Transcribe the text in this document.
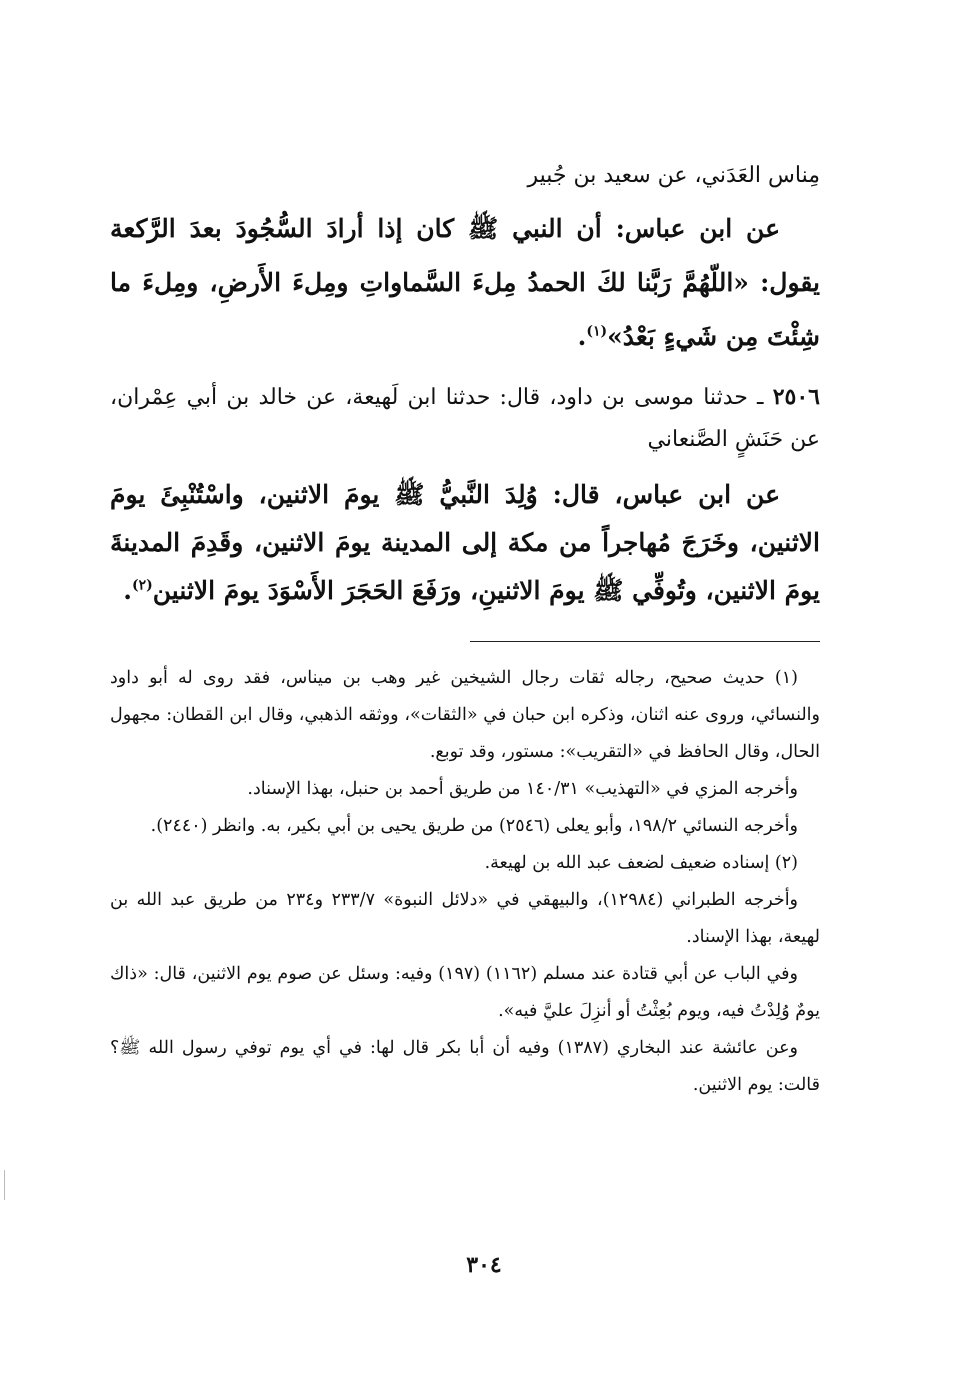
مِناس العَدَني، عن سعيد بن جُبير

عن ابن عباس: أن النبي ﷺ كان إذا أرادَ السُّجُودَ بعدَ الرَّكعة يقول: «اللّهُمَّ رَبَّنا لكَ الحمدُ مِلءَ السَّماواتِ ومِلءَ الأَرضِ، ومِلءَ ما شِئْتَ مِن شَيءٍ بَعْدُ»$^{(١)}$.

٢٥٠٦ ـ حدثنا موسى بن داود، قال: حدثنا ابن لَهيعة، عن خالد بن أبي عِمْران، عن حَنَشٍ الصَّنعاني

عن ابن عباس، قال: وُلِدَ النَّبيُّ ﷺ يومَ الاثنين، واسْتُنْبِئَ يومَ الاثنين، وخَرَجَ مُهاجراً من مكة إلى المدينة يومَ الاثنين، وقَدِمَ المدينةَ يومَ الاثنين، وتُوفِّي ﷺ يومَ الاثنينِ، ورَفَعَ الحَجَرَ الأَسْوَدَ يومَ الاثنين$^{(٢)}$.

(١) حديث صحيح، رجاله ثقات رجال الشيخين غير وهب بن ميناس، فقد روى له أبو داود والنسائي، وروى عنه اثنان، وذكره ابن حبان في «الثقات»، ووثقه الذهبي، وقال ابن القطان: مجهول الحال، وقال الحافظ في «التقريب»: مستور، وقد توبع.

وأخرجه المزي في «التهذيب» ١٤٠/٣١ من طريق أحمد بن حنبل، بهذا الإسناد.

وأخرجه النسائي ١٩٨/٢، وأبو يعلى (٢٥٤٦) من طريق يحيى بن أبي بكير، به. وانظر (٢٤٤٠).

(٢) إسناده ضعيف لضعف عبد الله بن لهيعة.

وأخرجه الطبراني (١٢٩٨٤)، والبيهقي في «دلائل النبوة» ٢٣٣/٧ و٢٣٤ من طريق عبد الله بن لهيعة، بهذا الإسناد.

وفي الباب عن أبي قتادة عند مسلم (١١٦٢) (١٩٧) وفيه: وسئل عن صوم يوم الاثنين، قال: «ذاك يومٌ وُلِدْتُ فيه، ويوم بُعِثْتُ أو أنزِلَ عليَّ فيه».

وعن عائشة عند البخاري (١٣٨٧) وفيه أن أبا بكر قال لها: في أي يوم توفي رسول الله ﷺ؟ قالت: يوم الاثنين.

٣٠٤
